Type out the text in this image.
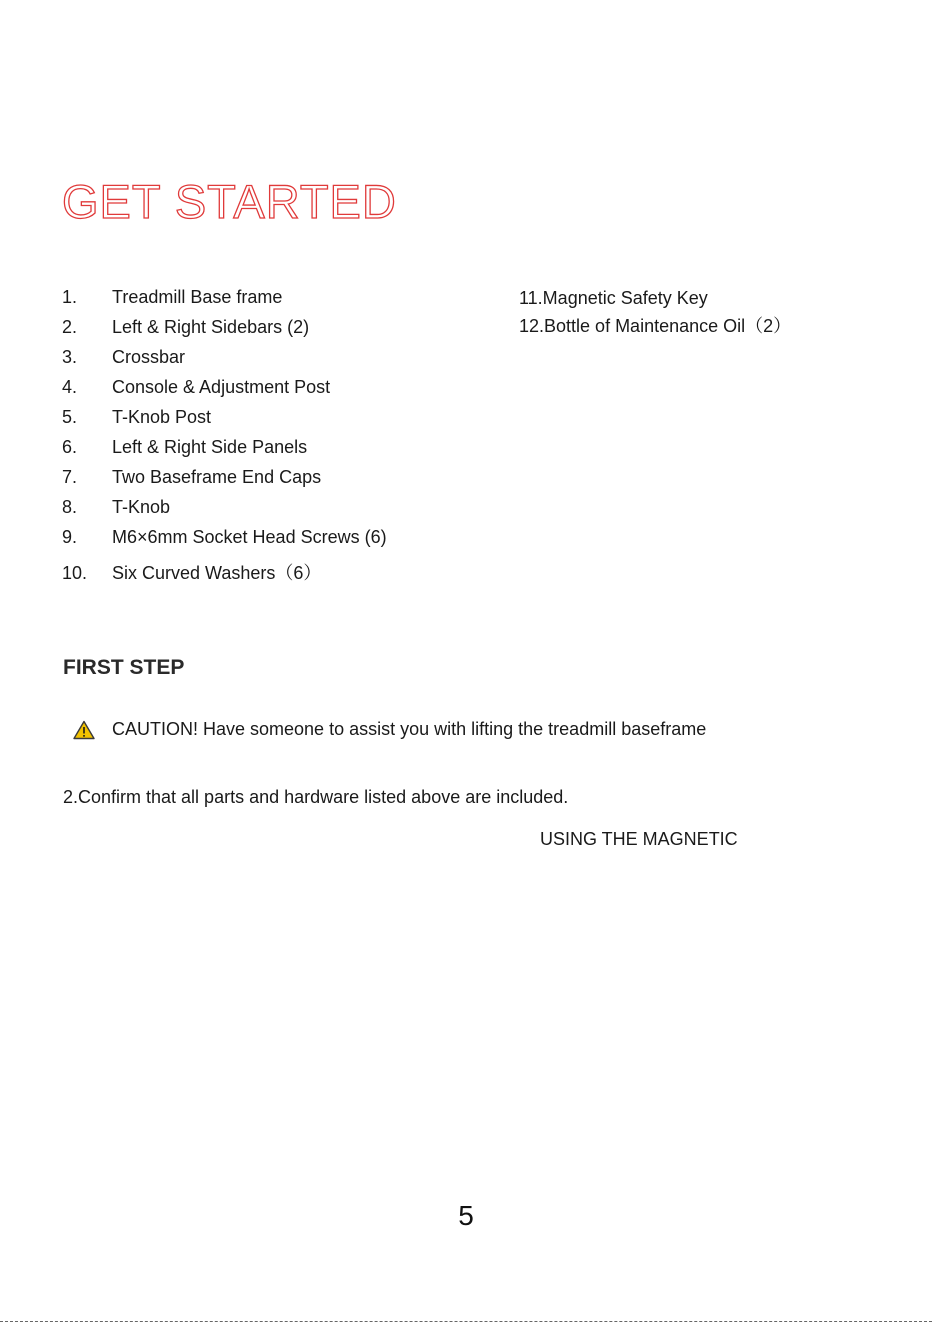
GET STARTED
1. Treadmill Base frame
2. Left & Right Sidebars (2)
3. Crossbar
4. Console & Adjustment Post
5. T-Knob Post
6. Left & Right Side Panels
7. Two Baseframe End Caps
8. T-Knob
9. M6×6mm Socket Head Screws (6)
10. Six Curved Washers（6）
11.Magnetic Safety Key
12.Bottle of Maintenance Oil（2）
FIRST STEP
CAUTION! Have someone to assist you with lifting the treadmill baseframe
2.Confirm that all parts and hardware listed above are included.
USING THE MAGNETIC
5
